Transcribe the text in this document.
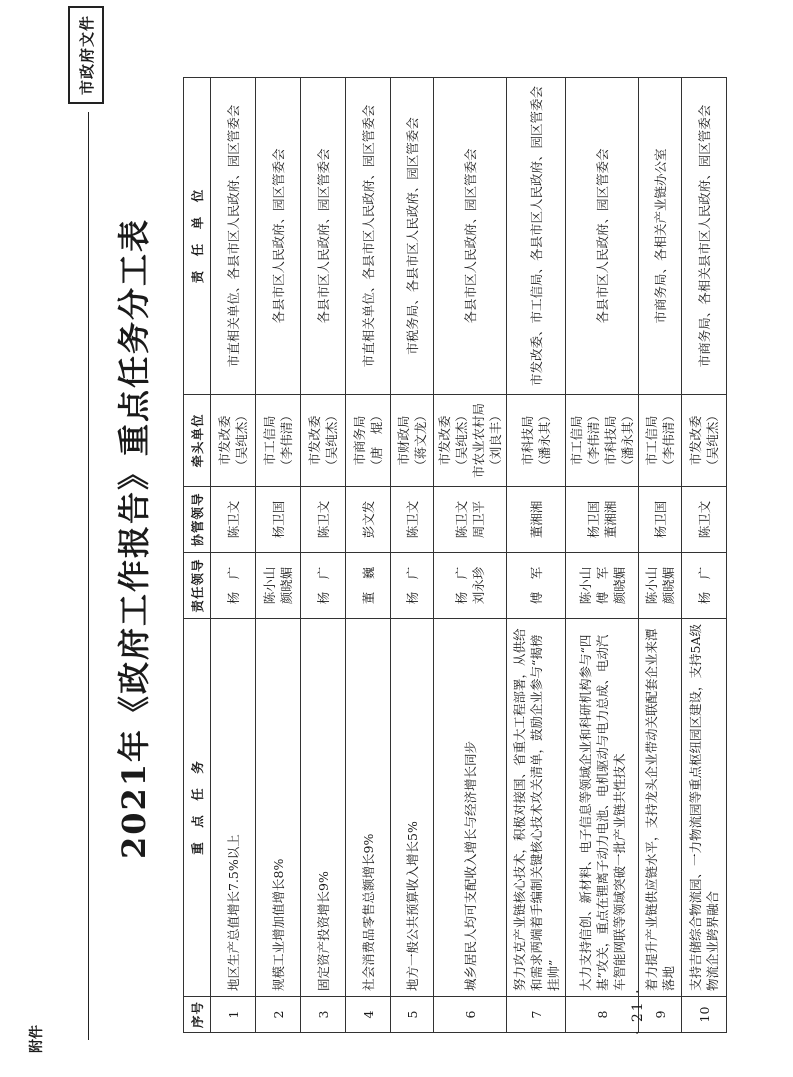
附件
市政府文件
2021年《政府工作报告》重点任务分工表
序号	重　点　任　务	责任领导	协管领导	牵头单位	责　任　单　位
1	地区生产总值增长7.5%以上	杨　广	陈卫文	市发改委 （吴纯杰）	市直相关单位、各县市区人民政府、园区管委会
2	规模工业增加值增长8%	陈小山 颜晓媚	杨卫国	市工信局 （李伟清）	各县市区人民政府、园区管委会
3	固定资产投资增长9%	杨　广	陈卫文	市发改委 （吴纯杰）	各县市区人民政府、园区管委会
4	社会消费品零售总额增长9%	董　巍	彭文发	市商务局 （唐　焜）	市直相关单位、各县市区人民政府、园区管委会
5	地方一般公共预算收入增长5%	杨　广	陈卫文	市财政局 （蒋文龙）	市税务局、各县市区人民政府、园区管委会
6	城乡居民人均可支配收入增长与经济增长同步	杨　广 刘永珍	陈卫文 周卫平	市发改委 （吴纯杰） 市农业农村局 （刘良丰）	各县市区人民政府、园区管委会
7	努力攻克产业链核心技术，积极对接国、省重大工程部署，从供给和需求两端着手编制关键核心技术攻关清单，鼓励企业参与“揭榜挂帅”	傅　军	董湘湘	市科技局 （潘永其）	市发改委、市工信局、各县市区人民政府、园区管委会
8	大力支持信创、新材料、电子信息等领域企业和科研机构参与“四基”攻关，重点在锂离子动力电池、电机驱动与电力总成、电动汽车智能网联等领域突破一批产业链共性技术	陈小山 傅　军 颜晓媚	杨卫国 董湘湘	市工信局 （李伟清） 市科技局 （潘永其）	各县市区人民政府、园区管委会
9	着力提升产业链供应链水平，支持龙头企业带动关联配套企业来潭落地	陈小山 颜晓媚	杨卫国	市工信局 （李伟清）	市商务局、各相关产业链办公室
10	支持吉储综合物流园、一力物流园等重点枢纽园区建设，支持5A级物流企业跨界融合	杨　广	陈卫文	市发改委 （吴纯杰）	市商务局、各相关县市区人民政府、园区管委会
· 21 ·
